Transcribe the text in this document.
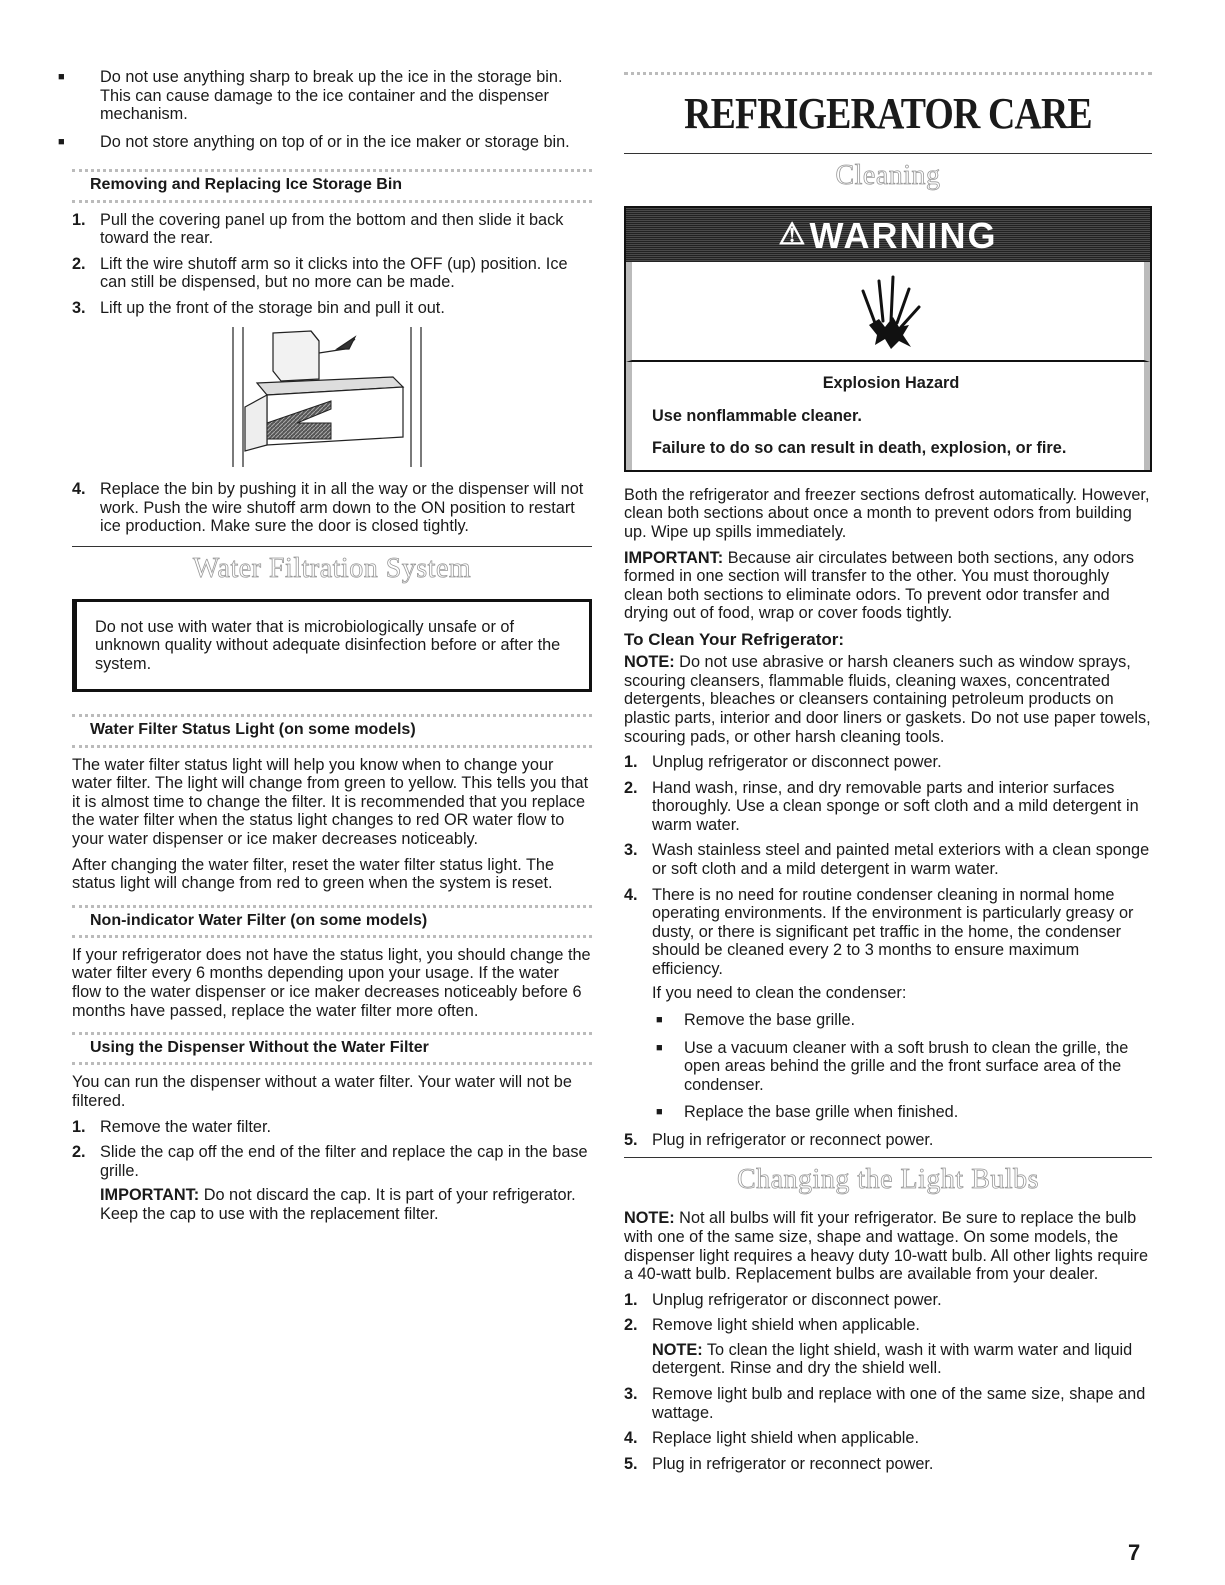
■ Do not use anything sharp to break up the ice in the storage bin. This can cause damage to the ice container and the dispenser mechanism.
■ Do not store anything on top of or in the ice maker or storage bin.
Removing and Replacing Ice Storage Bin
1. Pull the covering panel up from the bottom and then slide it back toward the rear.
2. Lift the wire shutoff arm so it clicks into the OFF (up) position. Ice can still be dispensed, but no more can be made.
3. Lift up the front of the storage bin and pull it out.
4. Replace the bin by pushing it in all the way or the dispenser will not work. Push the wire shutoff arm down to the ON position to restart ice production. Make sure the door is closed tightly.
Water Filtration System
Do not use with water that is microbiologically unsafe or of unknown quality without adequate disinfection before or after the system.
Water Filter Status Light (on some models)

The water filter status light will help you know when to change your water filter. The light will change from green to yellow. This tells you that it is almost time to change the filter. It is recommended that you replace the water filter when the status light changes to red OR water flow to your water dispenser or ice maker decreases noticeably.

After changing the water filter, reset the water filter status light. The status light will change from red to green when the system is reset.

Non-indicator Water Filter (on some models)

If your refrigerator does not have the status light, you should change the water filter every 6 months depending upon your usage. If the water flow to the water dispenser or ice maker decreases noticeably before 6 months have passed, replace the water filter more often.

Using the Dispenser Without the Water Filter

You can run the dispenser without a water filter. Your water will not be filtered.

1. Remove the water filter.
2. Slide the cap off the end of the filter and replace the cap in the base grille.
IMPORTANT: Do not discard the cap. It is part of your refrigerator. Keep the cap to use with the replacement filter.
REFRIGERATOR CARE
Cleaning
⚠ WARNING
Explosion Hazard
Use nonflammable cleaner.
Failure to do so can result in death, explosion, or fire.

Both the refrigerator and freezer sections defrost automatically. However, clean both sections about once a month to prevent odors from building up. Wipe up spills immediately.

IMPORTANT: Because air circulates between both sections, any odors formed in one section will transfer to the other. You must thoroughly clean both sections to eliminate odors. To prevent odor transfer and drying out of food, wrap or cover foods tightly.

To Clean Your Refrigerator:

NOTE: Do not use abrasive or harsh cleaners such as window sprays, scouring cleansers, flammable fluids, cleaning waxes, concentrated detergents, bleaches or cleansers containing petroleum products on plastic parts, interior and door liners or gaskets. Do not use paper towels, scouring pads, or other harsh cleaning tools.

1. Unplug refrigerator or disconnect power.
2. Hand wash, rinse, and dry removable parts and interior surfaces thoroughly. Use a clean sponge or soft cloth and a mild detergent in warm water.
3. Wash stainless steel and painted metal exteriors with a clean sponge or soft cloth and a mild detergent in warm water.
4. There is no need for routine condenser cleaning in normal home operating environments. If the environment is particularly greasy or dusty, or there is significant pet traffic in the home, the condenser should be cleaned every 2 to 3 months to ensure maximum efficiency.
If you need to clean the condenser:
■ Remove the base grille.
■ Use a vacuum cleaner with a soft brush to clean the grille, the open areas behind the grille and the front surface area of the condenser.
■ Replace the base grille when finished.
5. Plug in refrigerator or reconnect power.
Changing the Light Bulbs

NOTE: Not all bulbs will fit your refrigerator. Be sure to replace the bulb with one of the same size, shape and wattage. On some models, the dispenser light requires a heavy duty 10-watt bulb. All other lights require a 40-watt bulb. Replacement bulbs are available from your dealer.

1. Unplug refrigerator or disconnect power.
2. Remove light shield when applicable.
NOTE: To clean the light shield, wash it with warm water and liquid detergent. Rinse and dry the shield well.
3. Remove light bulb and replace with one of the same size, shape and wattage.
4. Replace light shield when applicable.
5. Plug in refrigerator or reconnect power.
7
